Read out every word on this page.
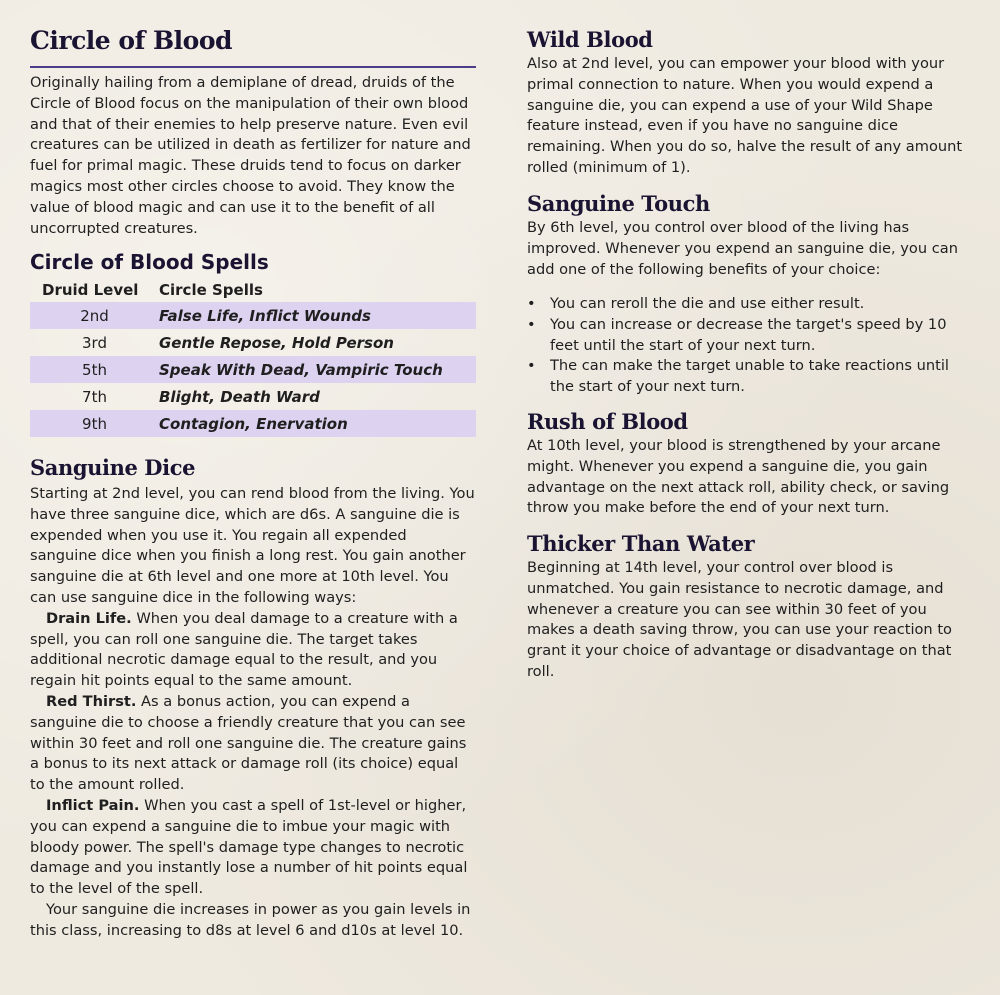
Circle of Blood

Originally hailing from a demiplane of dread, druids of the Circle of Blood focus on the manipulation of their own blood and that of their enemies to help preserve nature. Even evil creatures can be utilized in death as fertilizer for nature and fuel for primal magic. These druids tend to focus on darker magics most other circles choose to avoid. They know the value of blood magic and can use it to the benefit of all uncorrupted creatures.

Circle of Blood Spells
Druid Level	Circle Spells
2nd	False Life, Inflict Wounds
3rd	Gentle Repose, Hold Person
5th	Speak With Dead, Vampiric Touch
7th	Blight, Death Ward
9th	Contagion, Enervation
Sanguine Dice

Starting at 2nd level, you can rend blood from the living. You have three sanguine dice, which are d6s. A sanguine die is expended when you use it. You regain all expended sanguine dice when you finish a long rest. You gain another sanguine die at 6th level and one more at 10th level. You can use sanguine dice in the following ways:

Drain Life. When you deal damage to a creature with a spell, you can roll one sanguine die. The target takes additional necrotic damage equal to the result, and you regain hit points equal to the same amount.

Red Thirst. As a bonus action, you can expend a sanguine die to choose a friendly creature that you can see within 30 feet and roll one sanguine die. The creature gains a bonus to its next attack or damage roll (its choice) equal to the amount rolled.

Inflict Pain. When you cast a spell of 1st-level or higher, you can expend a sanguine die to imbue your magic with bloody power. The spell's damage type changes to necrotic damage and you instantly lose a number of hit points equal to the level of the spell.

Your sanguine die increases in power as you gain levels in this class, increasing to d8s at level 6 and d10s at level 10.

Wild Blood

Also at 2nd level, you can empower your blood with your primal connection to nature. When you would expend a sanguine die, you can expend a use of your Wild Shape feature instead, even if you have no sanguine dice remaining. When you do so, halve the result of any amount rolled (minimum of 1).

Sanguine Touch

By 6th level, you control over blood of the living has improved. Whenever you expend an sanguine die, you can add one of the following benefits of your choice:

• You can reroll the die and use either result.
• You can increase or decrease the target's speed by 10 feet until the start of your next turn.
• The can make the target unable to take reactions until the start of your next turn.
Rush of Blood

At 10th level, your blood is strengthened by your arcane might. Whenever you expend a sanguine die, you gain advantage on the next attack roll, ability check, or saving throw you make before the end of your next turn.

Thicker Than Water

Beginning at 14th level, your control over blood is unmatched. You gain resistance to necrotic damage, and whenever a creature you can see within 30 feet of you makes a death saving throw, you can use your reaction to grant it your choice of advantage or disadvantage on that roll.
